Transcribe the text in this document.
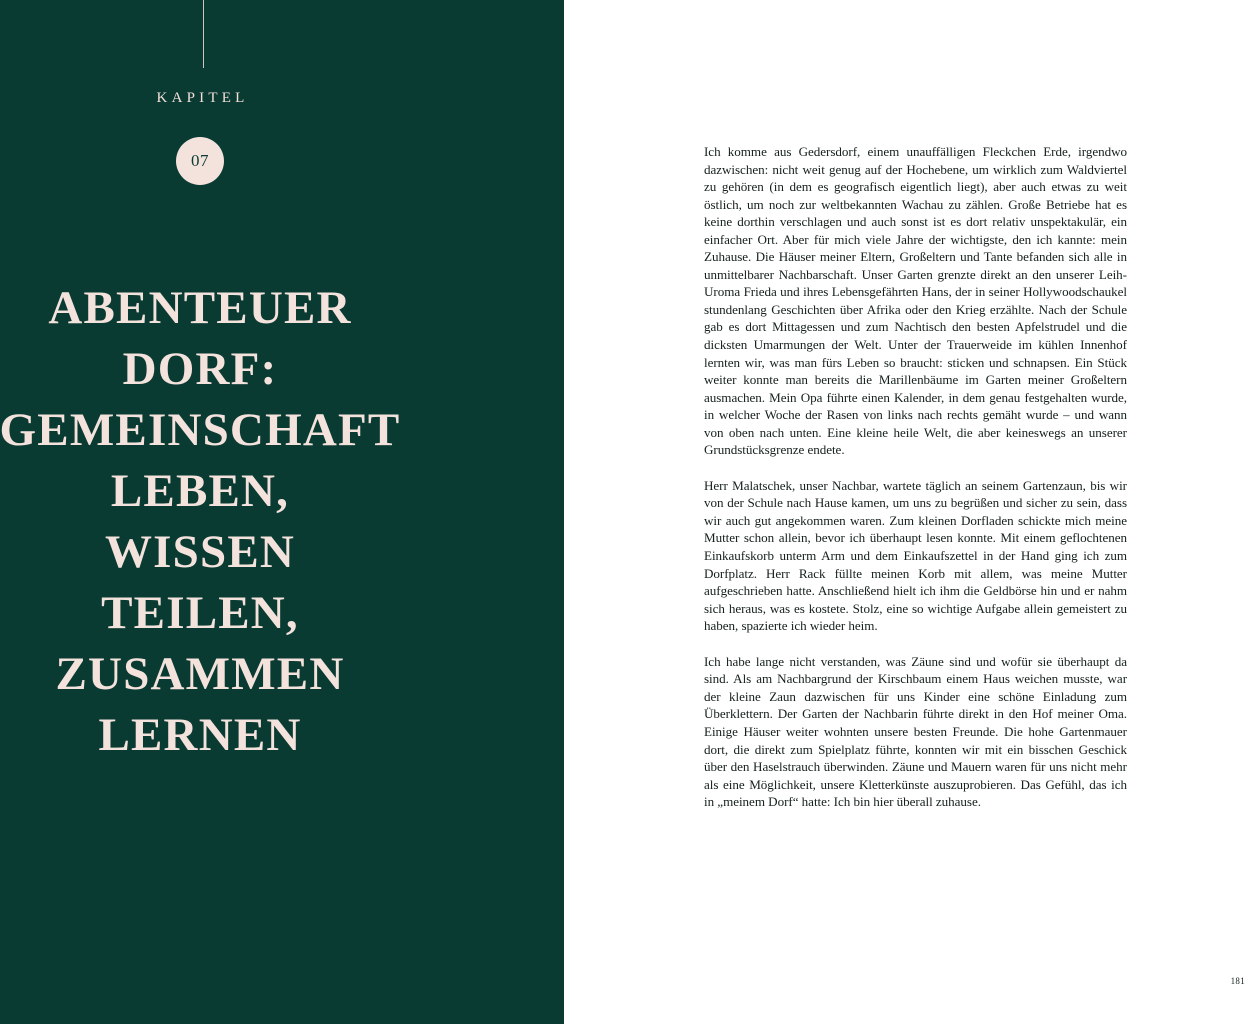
KAPITEL
07
ABENTEUER
DORF:
GEMEINSCHAFT
LEBEN,
WISSEN
TEILEN,
ZUSAMMEN
LERNEN

Ich komme aus Gedersdorf, einem unauffälligen Fleckchen Erde, irgendwo dazwischen: nicht weit genug auf der Hochebene, um wirklich zum Waldviertel zu gehören (in dem es geografisch eigentlich liegt), aber auch etwas zu weit östlich, um noch zur weltbekannten Wachau zu zählen. Große Betriebe hat es keine dorthin verschlagen und auch sonst ist es dort relativ unspektakulär, ein einfacher Ort. Aber für mich viele Jahre der wichtigste, den ich kannte: mein Zuhause. Die Häuser meiner Eltern, Großeltern und Tante befanden sich alle in unmittelbarer Nachbarschaft. Unser Garten grenzte direkt an den unserer Leih-Uroma Frieda und ihres Lebensgefährten Hans, der in seiner Hollywoodschaukel stundenlang Geschichten über Afrika oder den Krieg erzählte. Nach der Schule gab es dort Mittagessen und zum Nachtisch den besten Apfelstrudel und die dicksten Umarmungen der Welt. Unter der Trauerweide im kühlen Innenhof lernten wir, was man fürs Leben so braucht: sticken und schnapsen. Ein Stück weiter konnte man bereits die Marillenbäume im Garten meiner Großeltern ausmachen. Mein Opa führte einen Kalender, in dem genau festgehalten wurde, in welcher Woche der Rasen von links nach rechts gemäht wurde – und wann von oben nach unten. Eine kleine heile Welt, die aber keineswegs an unserer Grundstücksgrenze endete.

Herr Malatschek, unser Nachbar, wartete täglich an seinem Gartenzaun, bis wir von der Schule nach Hause kamen, um uns zu begrüßen und sicher zu sein, dass wir auch gut angekommen waren. Zum kleinen Dorfladen schickte mich meine Mutter schon allein, bevor ich überhaupt lesen konnte. Mit einem geflochtenen Einkaufskorb unterm Arm und dem Einkaufszettel in der Hand ging ich zum Dorfplatz. Herr Rack füllte meinen Korb mit allem, was meine Mutter aufgeschrieben hatte. Anschließend hielt ich ihm die Geldbörse hin und er nahm sich heraus, was es kostete. Stolz, eine so wichtige Aufgabe allein gemeistert zu haben, spazierte ich wieder heim.

Ich habe lange nicht verstanden, was Zäune sind und wofür sie überhaupt da sind. Als am Nachbargrund der Kirschbaum einem Haus weichen musste, war der kleine Zaun dazwischen für uns Kinder eine schöne Einladung zum Überklettern. Der Garten der Nachbarin führte direkt in den Hof meiner Oma. Einige Häuser weiter wohnten unsere besten Freunde. Die hohe Gartenmauer dort, die direkt zum Spielplatz führte, konnten wir mit ein bisschen Geschick über den Haselstrauch überwinden. Zäune und Mauern waren für uns nicht mehr als eine Möglichkeit, unsere Kletterkünste auszuprobieren. Das Gefühl, das ich in „meinem Dorf“ hatte: Ich bin hier überall zuhause.

181
